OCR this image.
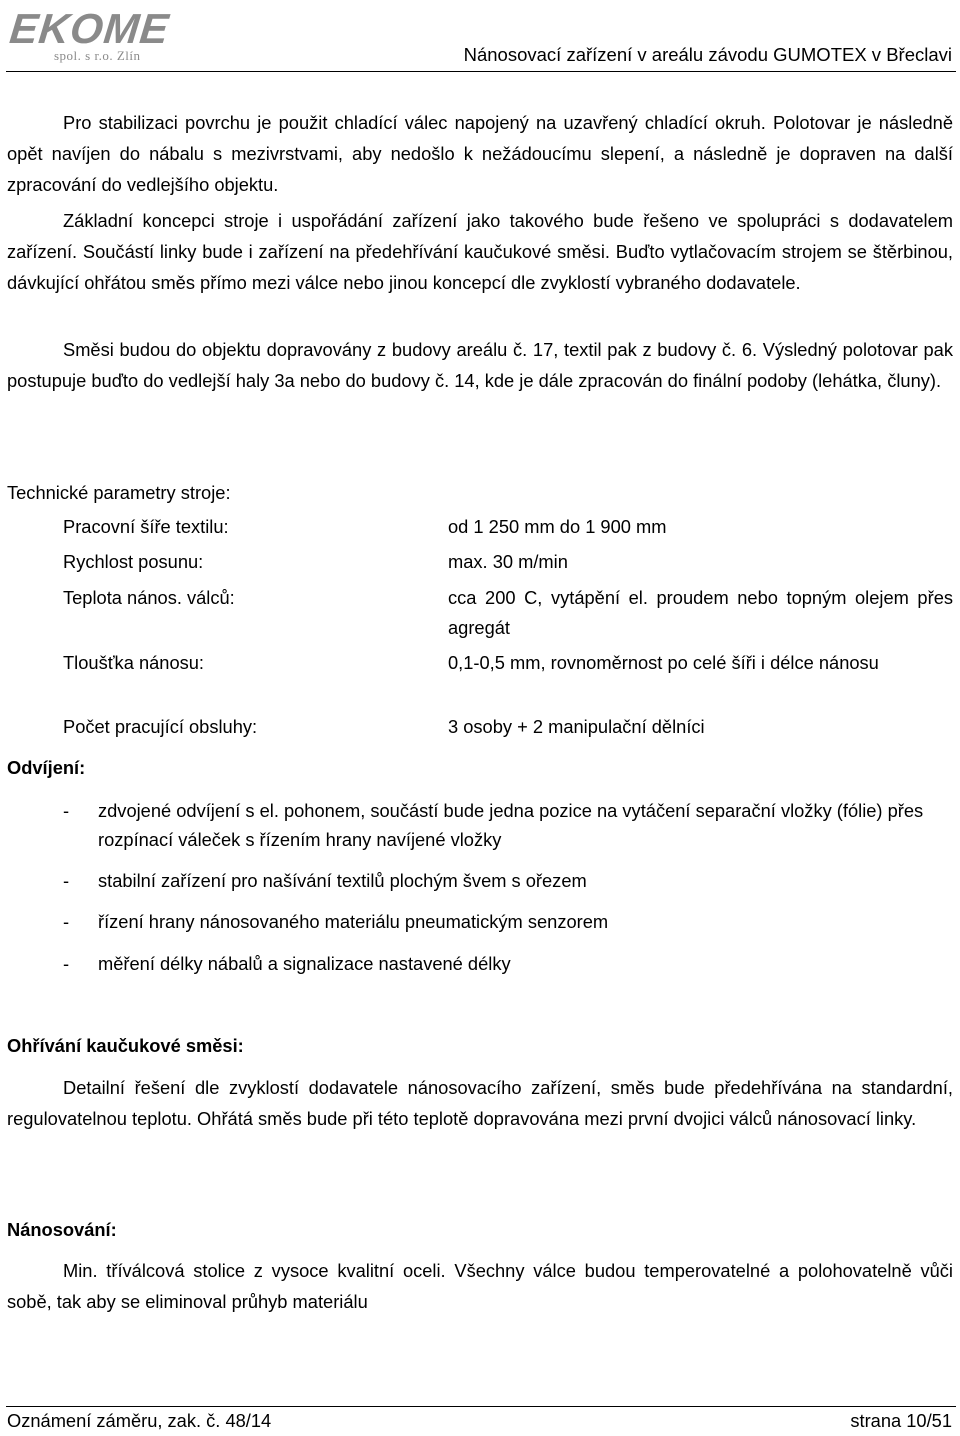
EKOME
spol. s r.o. Zlín	Nánosovací zařízení v areálu závodu GUMOTEX v Břeclavi

Pro stabilizaci povrchu je použit chladící válec napojený na uzavřený chladící okruh. Polotovar je následně opět navíjen do nábalu s mezivrstvami, aby nedošlo k nežádoucímu slepení, a následně je dopraven na další zpracování do vedlejšího objektu.

Základní koncepci stroje i uspořádání zařízení jako takového bude řešeno ve spolupráci s dodavatelem zařízení. Součástí linky bude i zařízení na předehřívání kaučukové směsi. Buďto vytlačovacím strojem se štěrbinou, dávkující ohřátou směs přímo mezi válce nebo jinou koncepcí dle zvyklostí vybraného dodavatele.

Směsi budou do objektu dopravovány z budovy areálu č. 17, textil pak z budovy č. 6. Výsledný polotovar pak postupuje buďto do vedlejší haly 3a nebo do budovy č. 14, kde je dále zpracován do finální podoby (lehátka, čluny).

Technické parametry stroje:
Pracovní šíře textilu:	od 1 250 mm do 1 900 mm
Rychlost posunu:	max. 30 m/min
Teplota nános. válců:	cca 200 C, vytápění el. proudem nebo topným olejem přes agregát
Tloušťka nánosu:	0,1-0,5 mm, rovnoměrnost po celé šíři i délce nánosu
Počet pracující obsluhy:	3 osoby + 2 manipulační dělníci
Odvíjení:
- zdvojené odvíjení s el. pohonem, součástí bude jedna pozice na vytáčení separační vložky (fólie) přes rozpínací váleček s řízením hrany navíjené vložky
- stabilní zařízení pro našívání textilů plochým švem s ořezem
- řízení hrany nánosovaného materiálu pneumatickým senzorem
- měření délky nábalů a signalizace nastavené délky
Ohřívání kaučukové směsi:

Detailní řešení dle zvyklostí dodavatele nánosovacího zařízení, směs bude předehřívána na standardní, regulovatelnou teplotu. Ohřátá směs bude při této teplotě dopravována mezi první dvojici válců nánosovací linky.

Nánosování:

Min. tříválcová stolice z vysoce kvalitní oceli. Všechny válce budou temperovatelné a polohovatelně vůči sobě, tak aby se eliminoval průhyb materiálu

Oznámení záměru, zak. č. 48/14	strana 10/51
